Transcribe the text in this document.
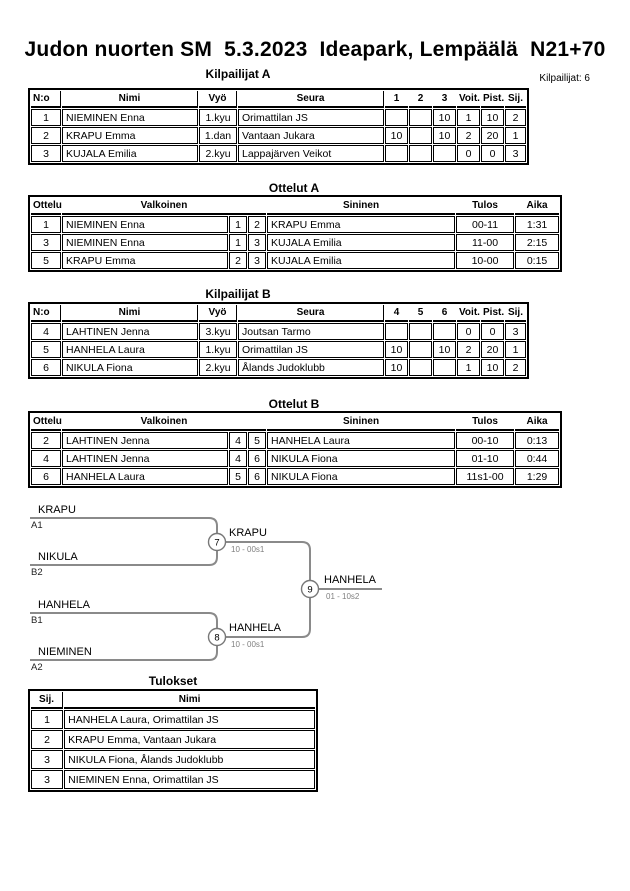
Judon nuorten SM  5.3.2023  Ideapark, Lempäälä  N21+70
Kilpailijat A	Kilpailijat: 6
N:o	Nimi	Vyö	Seura	1	2	3	Voit.	Pist.	Sij.
1	NIEMINEN Enna	1.kyu	Orimattilan JS			10	1	10	2
2	KRAPU Emma	1.dan	Vantaan Jukara	10		10	2	20	1
3	KUJALA Emilia	2.kyu	Lappajärven Veikot				0	0	3
Ottelut A
Ottelu	Valkoinen			Sininen	Tulos	Aika
1	NIEMINEN Enna	1	2	KRAPU Emma	00-11	1:31
3	NIEMINEN Enna	1	3	KUJALA Emilia	11-00	2:15
5	KRAPU Emma	2	3	KUJALA Emilia	10-00	0:15
Kilpailijat B
N:o	Nimi	Vyö	Seura	4	5	6	Voit.	Pist.	Sij.
4	LAHTINEN Jenna	3.kyu	Joutsan Tarmo				0	0	3
5	HANHELA Laura	1.kyu	Orimattilan JS	10		10	2	20	1
6	NIKULA Fiona	2.kyu	Ålands Judoklubb	10			1	10	2
Ottelut B
Ottelu	Valkoinen			Sininen	Tulos	Aika
2	LAHTINEN Jenna	4	5	HANHELA Laura	00-10	0:13
4	LAHTINEN Jenna	4	6	NIKULA Fiona	01-10	0:44
6	HANHELA Laura	5	6	NIKULA Fiona	11s1-00	1:29
7
8
9
KRAPU
A1
NIKULA
B2
KRAPU
10 - 00s1
HANHELA
B1
NIEMINEN
A2
HANHELA
10 - 00s1
HANHELA
01 - 10s2
Tulokset
Sij.	Nimi
1	HANHELA Laura, Orimattilan JS
2	KRAPU Emma, Vantaan Jukara
3	NIKULA Fiona, Ålands Judoklubb
3	NIEMINEN Enna, Orimattilan JS
